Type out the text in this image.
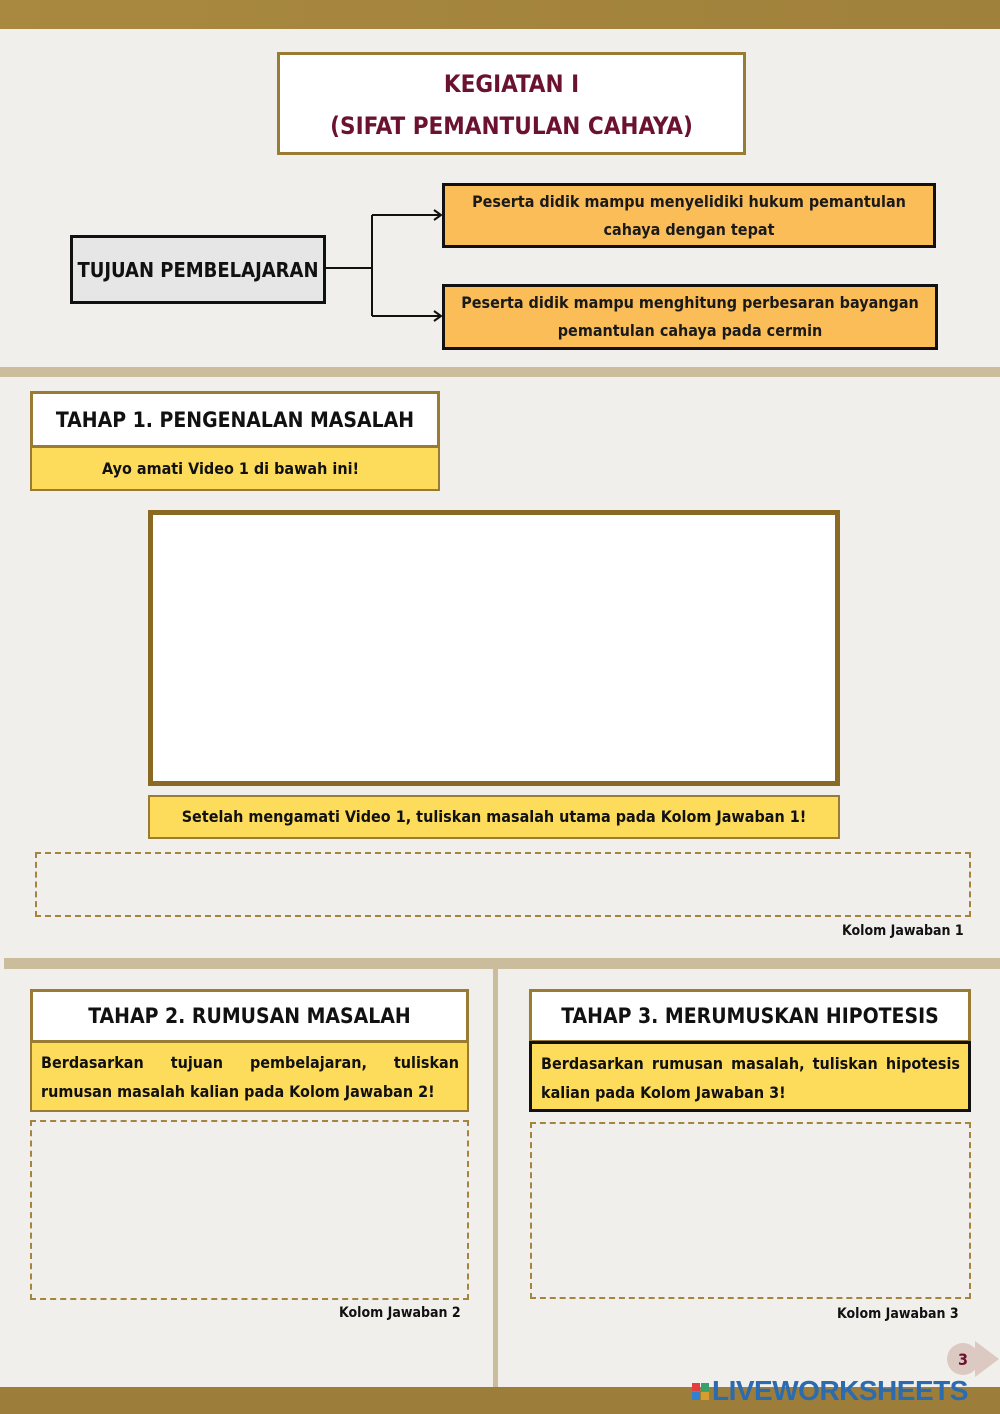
KEGIATAN I
(SIFAT PEMANTULAN CAHAYA)
TUJUAN PEMBELAJARAN
Peserta didik mampu menyelidiki hukum pemantulan cahaya dengan tepat
Peserta didik mampu menghitung perbesaran bayangan pemantulan cahaya pada cermin
TAHAP 1. PENGENALAN MASALAH
Ayo amati Video 1 di bawah ini!
Setelah mengamati Video 1, tuliskan masalah utama pada Kolom Jawaban 1!
Kolom Jawaban 1
TAHAP 2. RUMUSAN MASALAH
Berdasarkan tujuan pembelajaran, tuliskan rumusan masalah kalian pada Kolom Jawaban 2!
Kolom Jawaban 2
TAHAP 3. MERUMUSKAN HIPOTESIS
Berdasarkan rumusan masalah, tuliskan hipotesis kalian pada Kolom Jawaban 3!
Kolom Jawaban 3
3
LIVEWORKSHEETS
